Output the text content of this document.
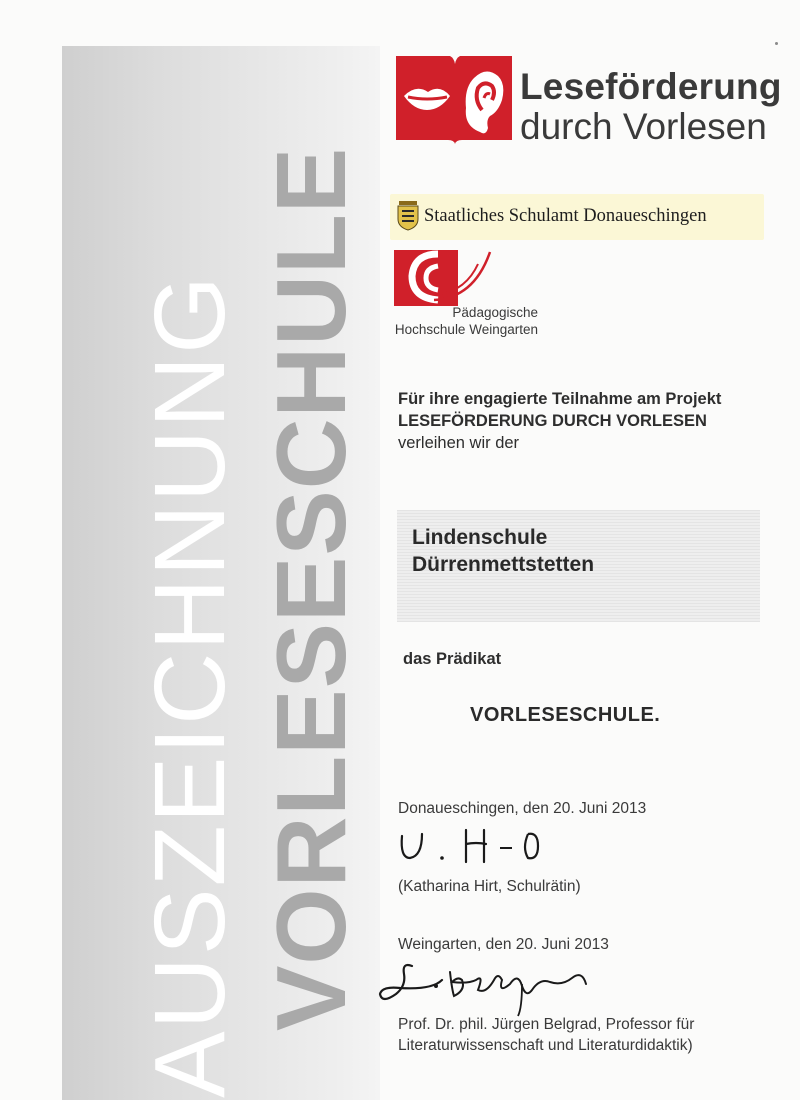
AUSZEICHNUNG VORLESESCHULE
Leseförderung
durch Vorlesen
Staatliches Schulamt Donaueschingen
Pädagogische
Hochschule Weingarten
Für ihre engagierte Teilnahme am Projekt
LESEFÖRDERUNG DURCH VORLESEN
verleihen wir der
Lindenschule
Dürrenmettstetten
das Prädikat
VORLESESCHULE.
Donaueschingen, den 20. Juni 2013
(Katharina Hirt, Schulrätin)
Weingarten, den 20. Juni 2013
Prof. Dr. phil. Jürgen Belgrad, Professor für
Literaturwissenschaft und Literaturdidaktik)
